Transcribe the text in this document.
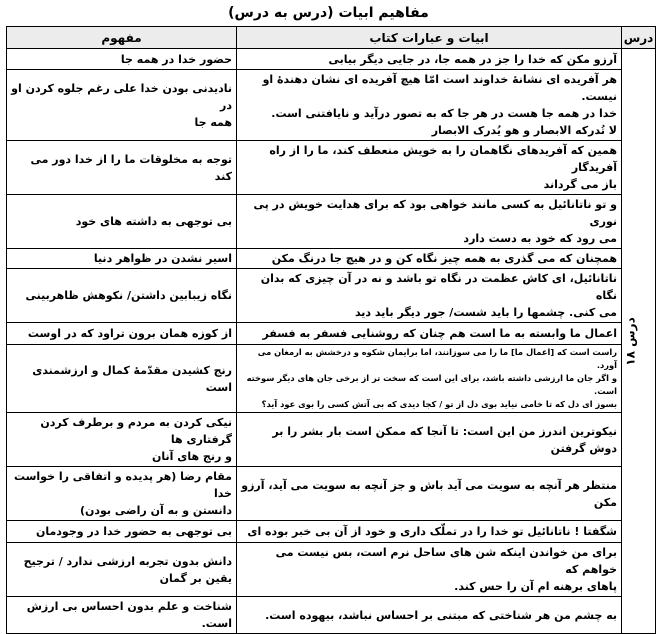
مفاهیم ابیات (درس به درس)
درس	ابیات و عبارات کتاب	مفهوم
درس ۱۸	آرزو مکن که خدا را جز در همه جا، در جایی دیگر بیابی	حضور خدا در همه جا

	هر آفریده ای نشانهٔ خداوند است امّا هیچ آفریده ای نشان دهندهٔ او نیست.
خدا در همه جا هست در هر جا که به تصور درآید و نایافتنی است.
لا تُدرکه الابصار و هو یُدرک الابصار	نادیدنی بودن خدا علی رغم جلوه کردن او در
همه جا

	همین که آفریدهای نگاهمان را به خویش منعطف کند، ما را از راه آفریدگار
باز می گرداند	توجه به مخلوقات ما را از خدا دور می کند

	و تو ناتانائیل به کسی مانند خواهی بود که برای هدایت خویش در پی نوری
می رود که خود به دست دارد	بی توجهی به داشته های خود

	همچنان که می گذری به همه چیز نگاه کن و در هیچ جا درنگ مکن	اسیر نشدن در ظواهر دنیا

	ناتانائیل، ای کاش عظمت در نگاه تو باشد و نه در آن چیزی که بدان نگاه
می کنی. چشمها را باید شست/ جور دیگر باید دید	نگاه زیبابین داشتن/ نکوهش ظاهربینی

	اعمال ما وابسته به ما است هم چنان که روشنایی فسفر به فسفر	از کوزه همان برون تراود که در اوست

	راست است که [اعمال ما] ما را می سوزانند، اما برایمان شکوه و درخشش به ارمغان می آورد.
و اگر جان ما ارزشی داشته باشد، برای این است که سخت تر از برخی جان های دیگر سوخته است.
بسوز ای دل که تا خامی نیاید بوی دل از تو / کجا دیدی که بی آتش کسی را بوی عود آید؟	رنج کشیدن مقدّمهٔ کمال و ارزشمندی است

	نیکوترین اندرز من این است: تا آنجا که ممکن است بار بشر را بر دوش گرفتن	نیکی کردن به مردم و برطرف کردن گرفتاری ها
و رنج های آنان

	منتظر هر آنچه به سویت می آید باش و جز آنچه به سویت می آید، آرزو مکن	مقام رضا (هر پدیده و اتفاقی را خواست خدا
دانستن و به آن راضی بودن)

	شگفتا ! ناتانائیل تو خدا را در تملّک داری و خود از آن بی خبر بوده ای	بی توجهی به حضور خدا در وجودمان

	برای من خواندن اینکه شن های ساحل نرم است، بس نیست می خواهم که
پاهای برهنه ام آن را حس کند.	دانش بدون تجربه ارزشی ندارد / ترجیح
یقین بر گمان

	به چشم من هر شناختی که مبتنی بر احساس نباشد، بیهوده است.	شناخت و علم بدون احساس بی ارزش است.
